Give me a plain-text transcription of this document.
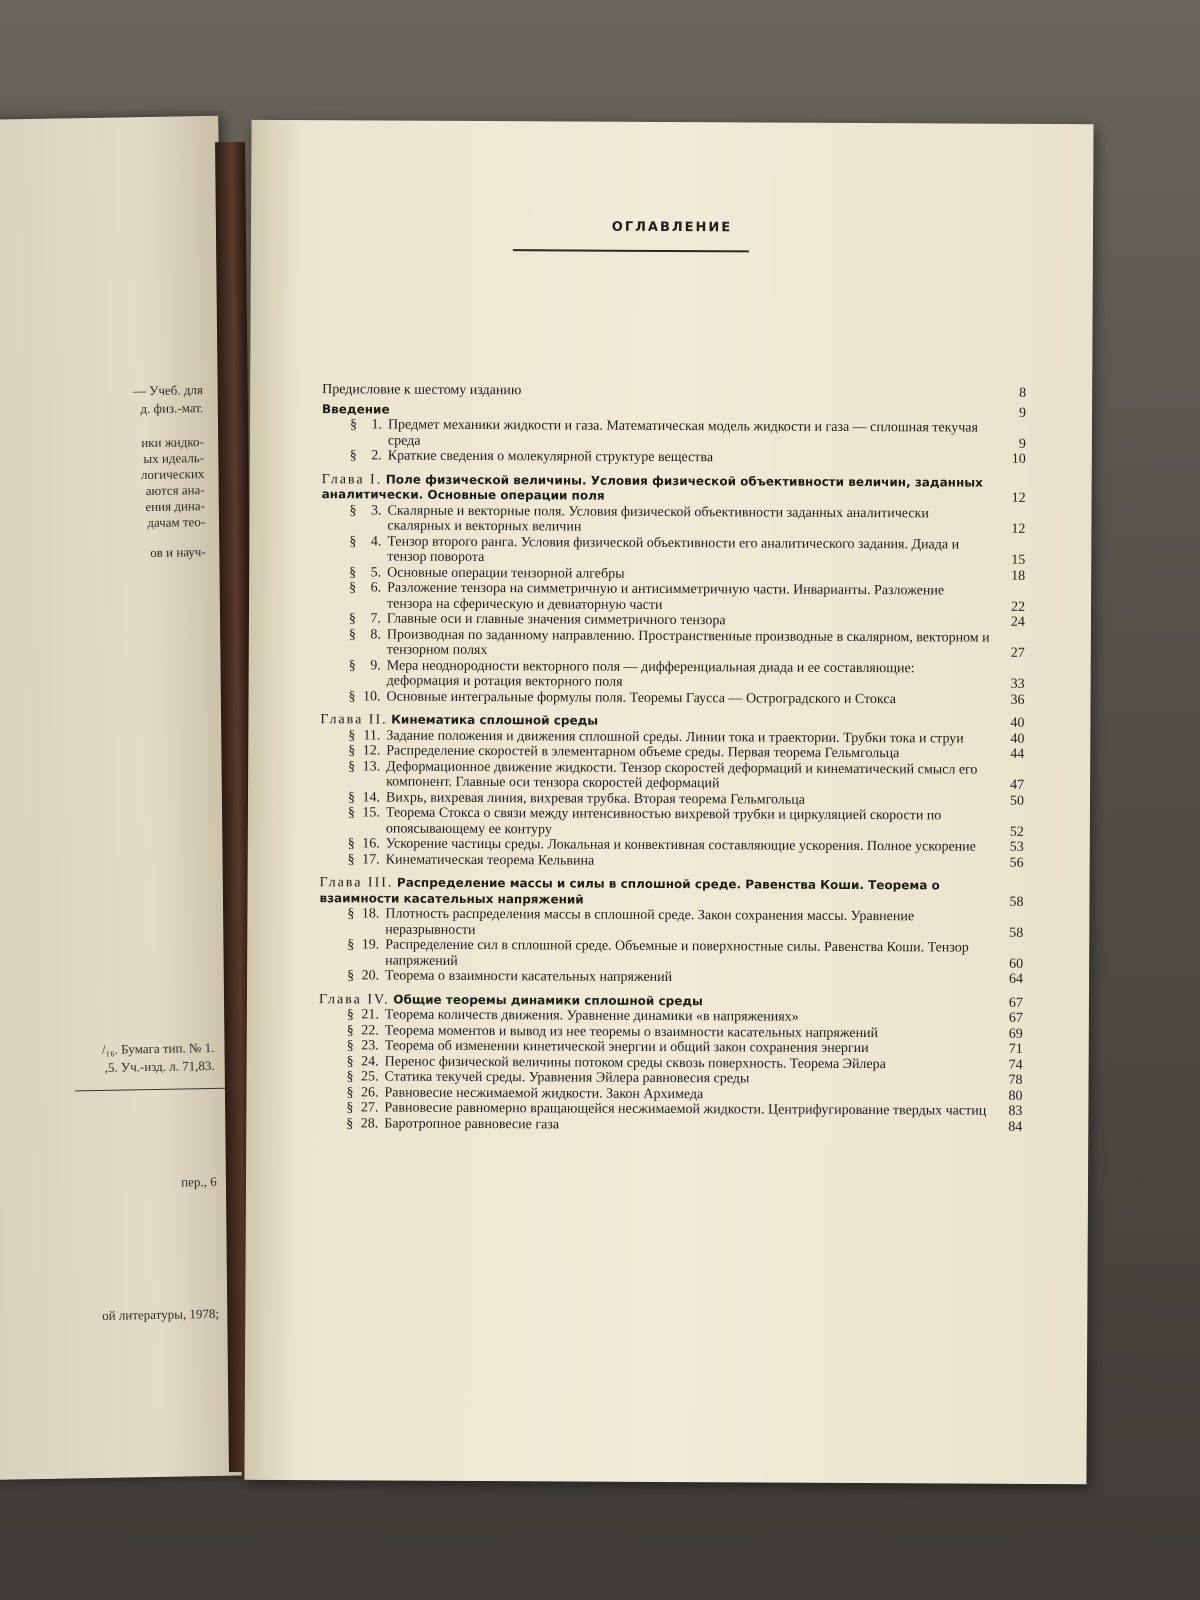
— Учеб. для
д. физ.-мат.
ики жидко-
ых идеаль-
логических
аются ана-
ения дина-
дачам тео-
ов и науч-
/₁₆. Бумага тип. № 1.
,5. Уч.-изд. л. 71,83.
пер., 6
ой литературы, 1978;
ОГЛАВЛЕНИЕ
Предисловие к шестому изданию	8
Введение	9
§ 1. Предмет механики жидкости и газа. Математическая модель жидкости и газа — сплошная текучая среда	9
§ 2. Краткие сведения о молекулярной структуре вещества	10
Глава I. Поле физической величины. Условия физической объективности величин, заданных аналитически. Основные операции поля	12
§ 3. Скалярные и векторные поля. Условия физической объективности заданных аналитически скалярных и векторных величин	12
§ 4. Тензор второго ранга. Условия физической объективности его аналитического задания. Диада и тензор поворота	15
§ 5. Основные операции тензорной алгебры	18
§ 6. Разложение тензора на симметричную и антисимметричную части. Инварианты. Разложение тензора на сферическую и девиаторную части	22
§ 7. Главные оси и главные значения симметричного тензора	24
§ 8. Производная по заданному направлению. Пространственные производные в скалярном, векторном и тензорном полях	27
§ 9. Мера неоднородности векторного поля — дифференциальная диада и ее составляющие: деформация и ротация векторного поля	33
§ 10. Основные интегральные формулы поля. Теоремы Гаусса — Остроградского и Стокса	36
Глава II. Кинематика сплошной среды	40
§ 11. Задание положения и движения сплошной среды. Линии тока и траектории. Трубки тока и струи	40
§ 12. Распределение скоростей в элементарном объеме среды. Первая теорема Гельмгольца	44
§ 13. Деформационное движение жидкости. Тензор скоростей деформаций и кинематический смысл его компонент. Главные оси тензора скоростей деформаций	47
§ 14. Вихрь, вихревая линия, вихревая трубка. Вторая теорема Гельмгольца	50
§ 15. Теорема Стокса о связи между интенсивностью вихревой трубки и циркуляцией скорости по опоясывающему ее контуру	52
§ 16. Ускорение частицы среды. Локальная и конвективная составляющие ускорения. Полное ускорение	53
§ 17. Кинематическая теорема Кельвина	56
Глава III. Распределение массы и силы в сплошной среде. Равенства Коши. Теорема о взаимности касательных напряжений	58
§ 18. Плотность распределения массы в сплошной среде. Закон сохранения массы. Уравнение неразрывности	58
§ 19. Распределение сил в сплошной среде. Объемные и поверхностные силы. Равенства Коши. Тензор напряжений	60
§ 20. Теорема о взаимности касательных напряжений	64
Глава IV. Общие теоремы динамики сплошной среды	67
§ 21. Теорема количеств движения. Уравнение динамики «в напряжениях»	67
§ 22. Теорема моментов и вывод из нее теоремы о взаимности касательных напряжений	69
§ 23. Теорема об изменении кинетической энергии и общий закон сохранения энергии	71
§ 24. Перенос физической величины потоком среды сквозь поверхность. Теорема Эйлера	74
§ 25. Статика текучей среды. Уравнения Эйлера равновесия среды	78
§ 26. Равновесие несжимаемой жидкости. Закон Архимеда	80
§ 27. Равновесие равномерно вращающейся несжимаемой жидкости. Центрифугирование твердых частиц	83
§ 28. Баротропное равновесие газа	84
